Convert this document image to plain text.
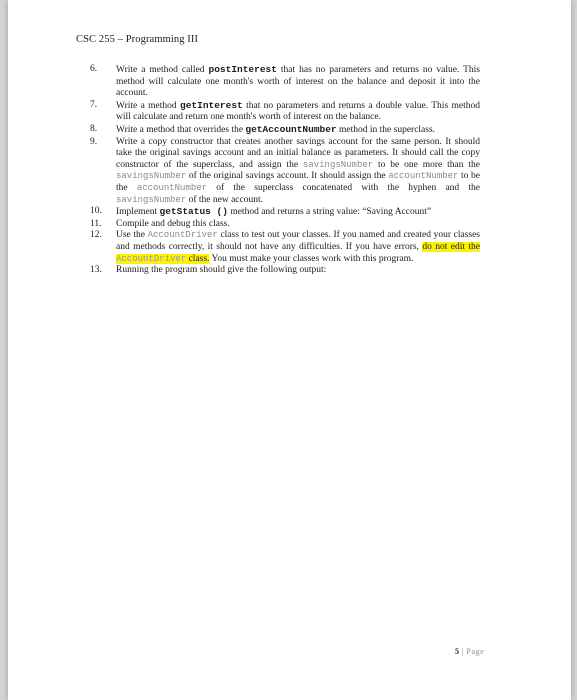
CSC 255 – Programming III
6.	Write a method called postInterest that has no parameters and returns no value. This method will calculate one month's worth of interest on the balance and deposit it into the account.
7.	Write a method getInterest that no parameters and returns a double value. This method will calculate and return one month's worth of interest on the balance.
8.	Write a method that overrides the getAccountNumber method in the superclass.
9.	Write a copy constructor that creates another savings account for the same person. It should take the original savings account and an initial balance as parameters. It should call the copy constructor of the superclass, and assign the savingsNumber to be one more than the savingsNumber of the original savings account. It should assign the accountNumber to be the accountNumber of the superclass concatenated with the hyphen and the savingsNumber of the new account.
10.	Implement getStatus () method and returns a string value: “Saving Account”
11.	Compile and debug this class.
12.	Use the AccountDriver class to test out your classes. If you named and created your classes and methods correctly, it should not have any difficulties. If you have errors, do not edit the AccountDriver class. You must make your classes work with this program.
13.	Running the program should give the following output:
5 | Page
